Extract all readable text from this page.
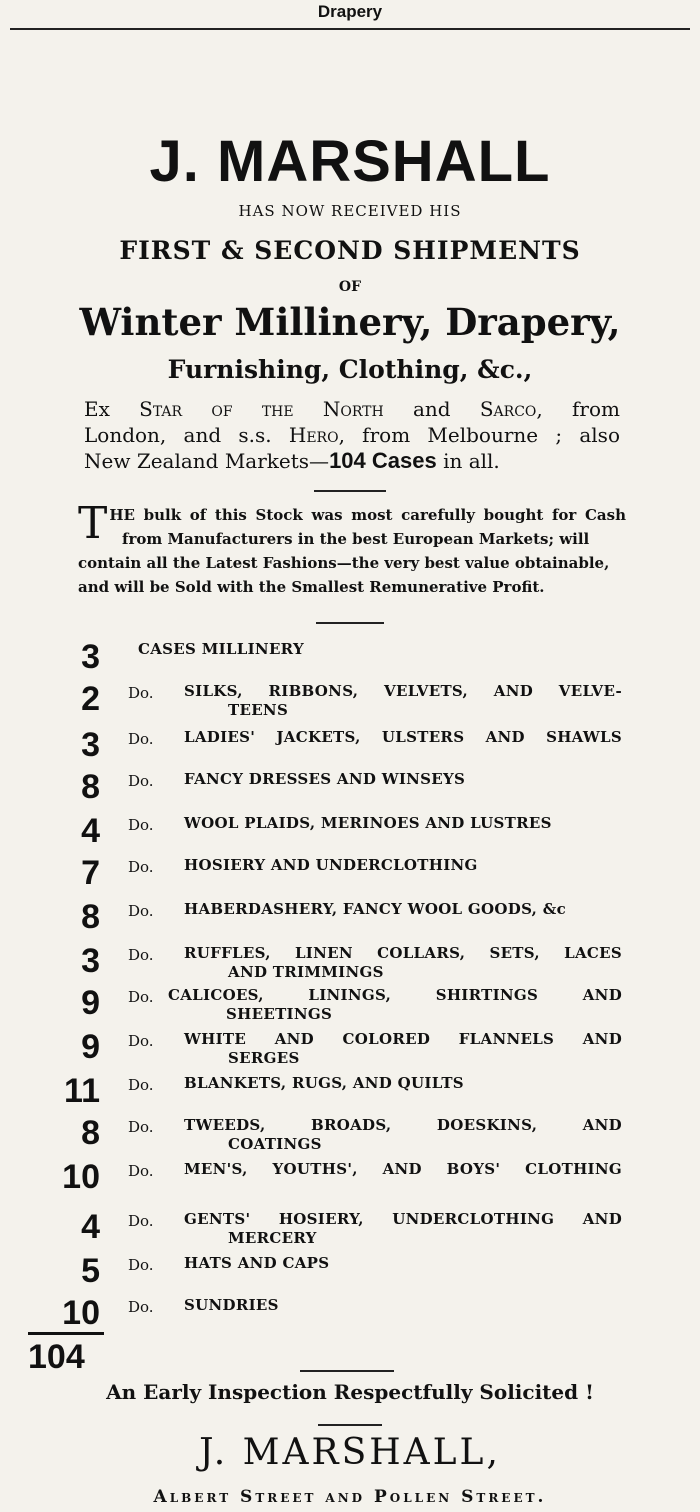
Drapery
J. MARSHALL
HAS NOW RECEIVED HIS
FIRST & SECOND SHIPMENTS
OF
Winter Millinery, Drapery,
Furnishing, Clothing, &c.,
Ex Star of the North and Sarco, from
London, and s.s. Hero, from Melbourne ; also
New Zealand Markets—104 Cases in all.
T HE bulk of this Stock was most carefully bought for Cash
from Manufacturers in the best European Markets; will
contain all the Latest Fashions—the very best value obtainable,
and will be Sold with the Smallest Remunerative Profit.
3	CASES MILLINERY
2 Do. SILKS, RIBBONS, VELVETS, AND VELVE-
TEENS
3 Do. LADIES' JACKETS, ULSTERS AND SHAWLS
8 Do. FANCY DRESSES AND WINSEYS
4 Do. WOOL PLAIDS, MERINOES AND LUSTRES
7 Do. HOSIERY AND UNDERCLOTHING
8 Do. HABERDASHERY, FANCY WOOL GOODS, &c
3 Do. RUFFLES, LINEN COLLARS, SETS, LACES
AND TRIMMINGS
9 Do. CALICOES, LININGS, SHIRTINGS AND
SHEETINGS
9 Do. WHITE AND COLORED FLANNELS AND
SERGES
11 Do. BLANKETS, RUGS, AND QUILTS
8 Do. TWEEDS, BROADS, DOESKINS, AND
COATINGS
10 Do. MEN'S, YOUTHS', AND BOYS' CLOTHING
4 Do. GENTS' HOSIERY, UNDERCLOTHING AND
MERCERY
5 Do. HATS AND CAPS
10 Do. SUNDRIES
104
An Early Inspection Respectfully Solicited !
J. MARSHALL,
Albert Street and Pollen Street.
